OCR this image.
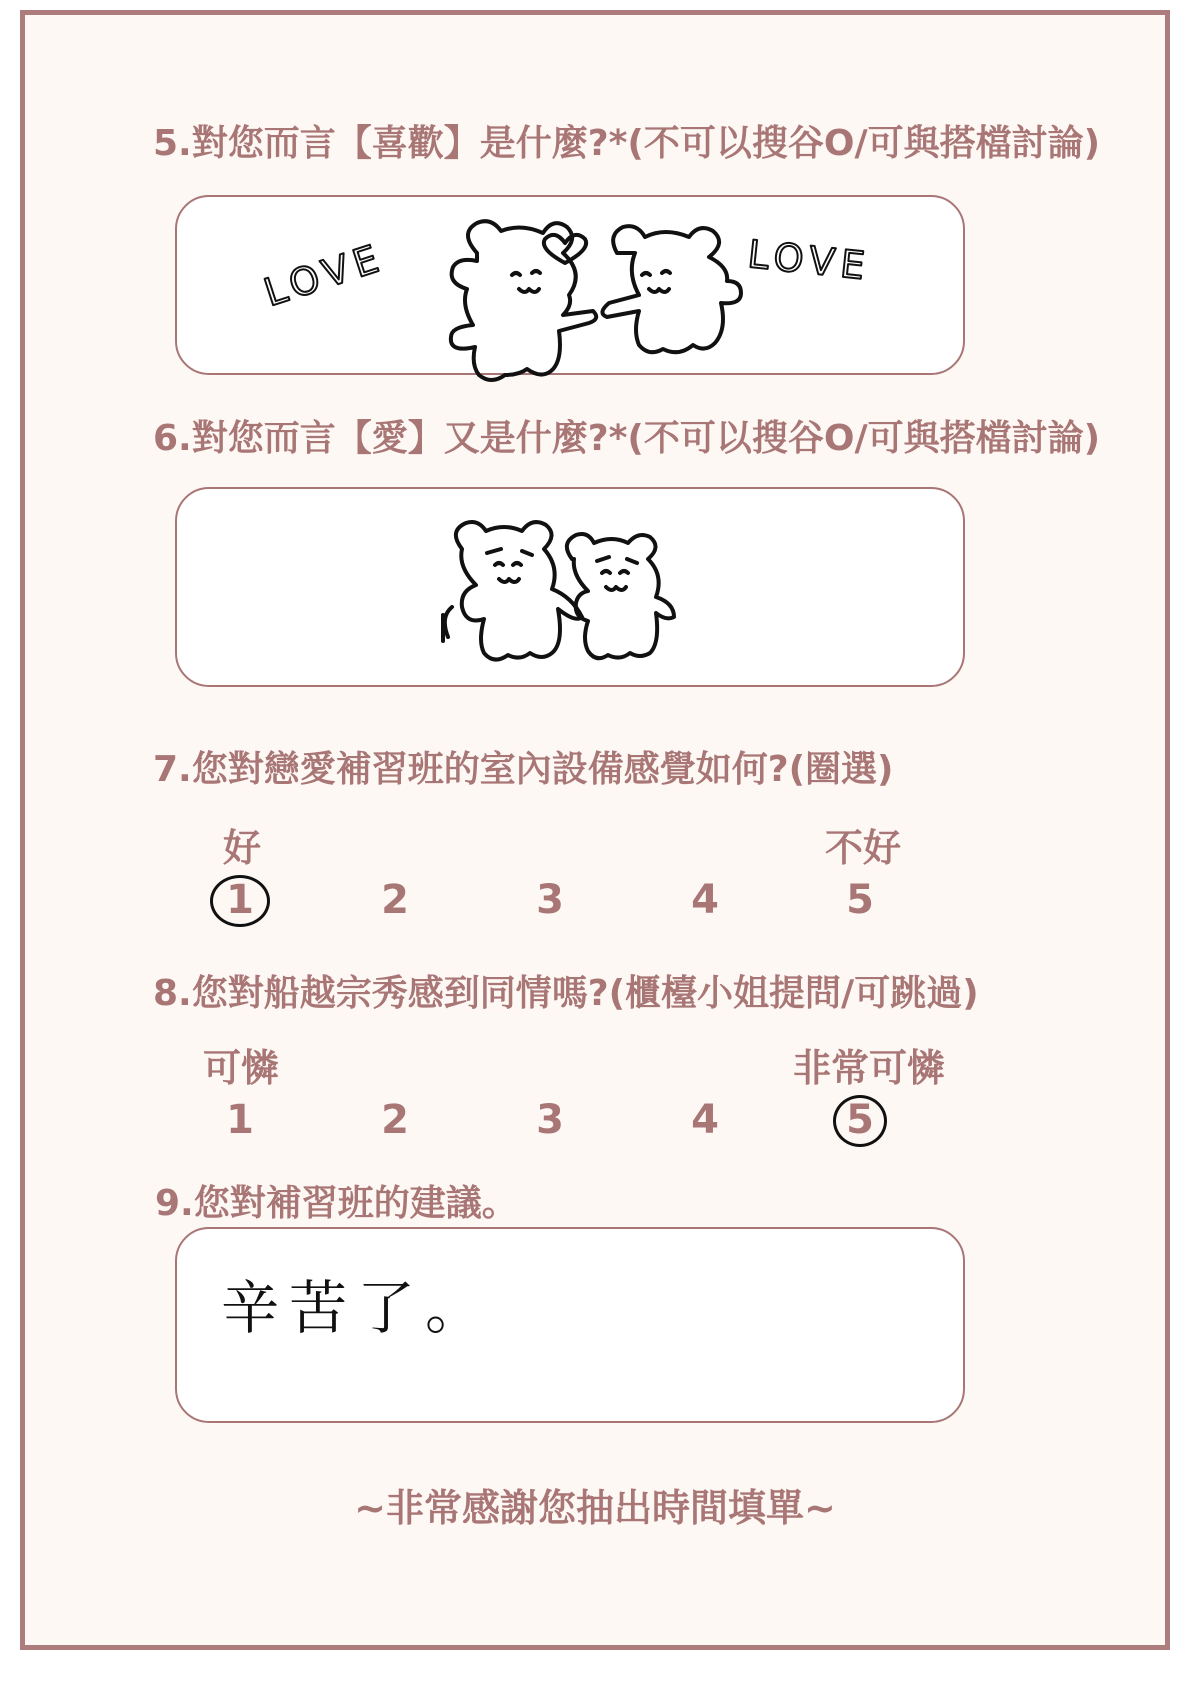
5.對您而言【喜歡】是什麼?*(不可以搜谷O/可與搭檔討論)
LOVE	LOVE
6.對您而言【愛】又是什麼?*(不可以搜谷O/可與搭檔討論)
7.您對戀愛補習班的室內設備感覺如何?(圈選)
好	不好
1	2	3	4	5
8.您對船越宗秀感到同情嗎?(櫃檯小姐提問/可跳過)
可憐	非常可憐
1	2	3	4	5
9.您對補習班的建議。
辛苦了。
~非常感謝您抽出時間填單~
